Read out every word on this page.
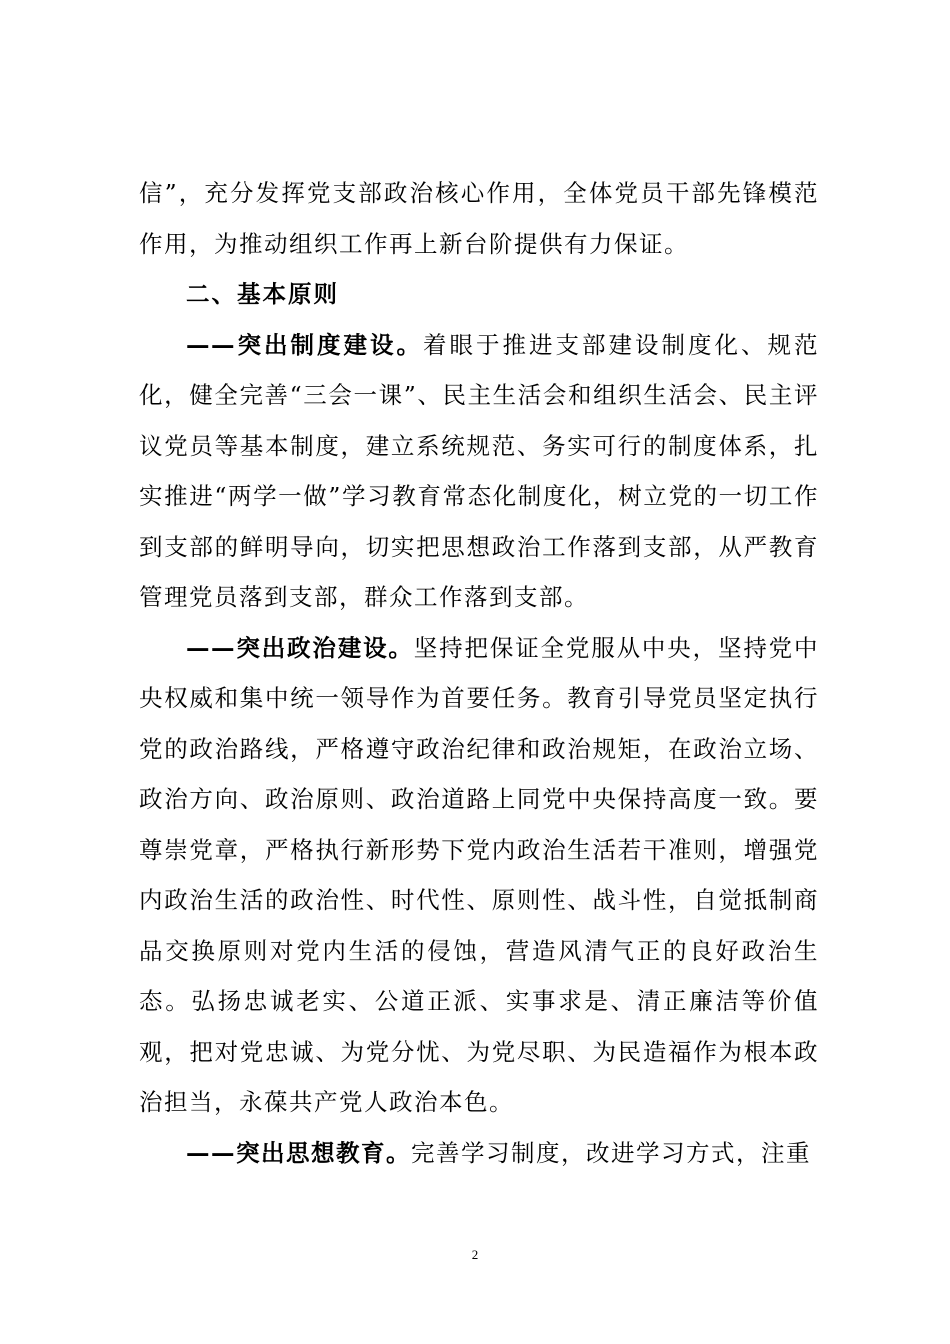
信”，充分发挥党支部政治核心作用，全体党员干部先锋模范作用，为推动组织工作再上新台阶提供有力保证。

二、基本原则

——突出制度建设。着眼于推进支部建设制度化、规范化，健全完善“三会一课”、民主生活会和组织生活会、民主评议党员等基本制度，建立系统规范、务实可行的制度体系，扎实推进“两学一做”学习教育常态化制度化，树立党的一切工作到支部的鲜明导向，切实把思想政治工作落到支部，从严教育管理党员落到支部，群众工作落到支部。

——突出政治建设。坚持把保证全党服从中央，坚持党中央权威和集中统一领导作为首要任务。教育引导党员坚定执行党的政治路线，严格遵守政治纪律和政治规矩，在政治立场、政治方向、政治原则、政治道路上同党中央保持高度一致。要尊崇党章，严格执行新形势下党内政治生活若干准则，增强党内政治生活的政治性、时代性、原则性、战斗性，自觉抵制商品交换原则对党内生活的侵蚀，营造风清气正的良好政治生态。弘扬忠诚老实、公道正派、实事求是、清正廉洁等价值观，把对党忠诚、为党分忧、为党尽职、为民造福作为根本政治担当，永葆共产党人政治本色。

——突出思想教育。完善学习制度，改进学习方式，注重

2
